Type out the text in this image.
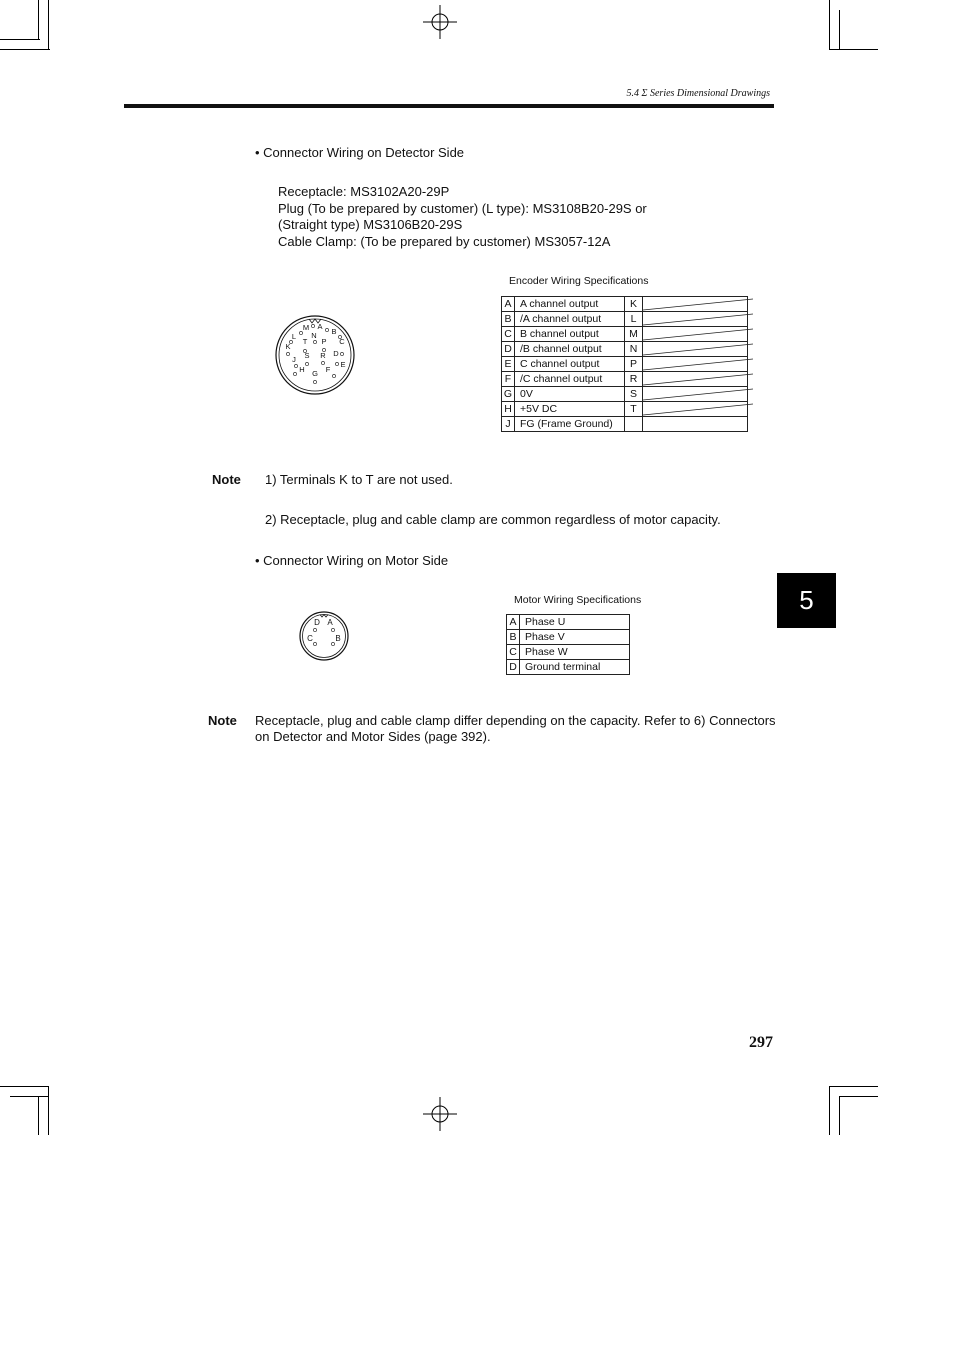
5.4 Σ Series Dimensional Drawings
• Connector Wiring on Detector Side
Receptacle: MS3102A20-29P
Plug (To be prepared by customer) (L type): MS3108B20-29S or
(Straight type) MS3106B20-29S
Cable Clamp: (To be prepared by customer) MS3057-12A
M A
L N B
K
T P C
J S R D
E
H G F
Encoder Wiring Specifications
A	A channel output	K	

B	/A channel output	L	

C	B channel output	M	

D	/B channel output	N	

E	C channel output	P	

F	/C channel output	R	

G	0V	S	

H	+5V DC	T	

J	FG (Frame Ground)		
Note 1) Terminals K to T are not used.
2) Receptacle, plug and cable clamp are common regardless of motor capacity.
• Connector Wiring on Motor Side
D A
C	B
Motor Wiring Specifications
A	Phase U
B	Phase V
C	Phase W
D	Ground terminal
Note Receptacle, plug and cable clamp differ depending on the capacity. Refer to 6) Connectors
on Detector and Motor Sides (page 392).
5
297
